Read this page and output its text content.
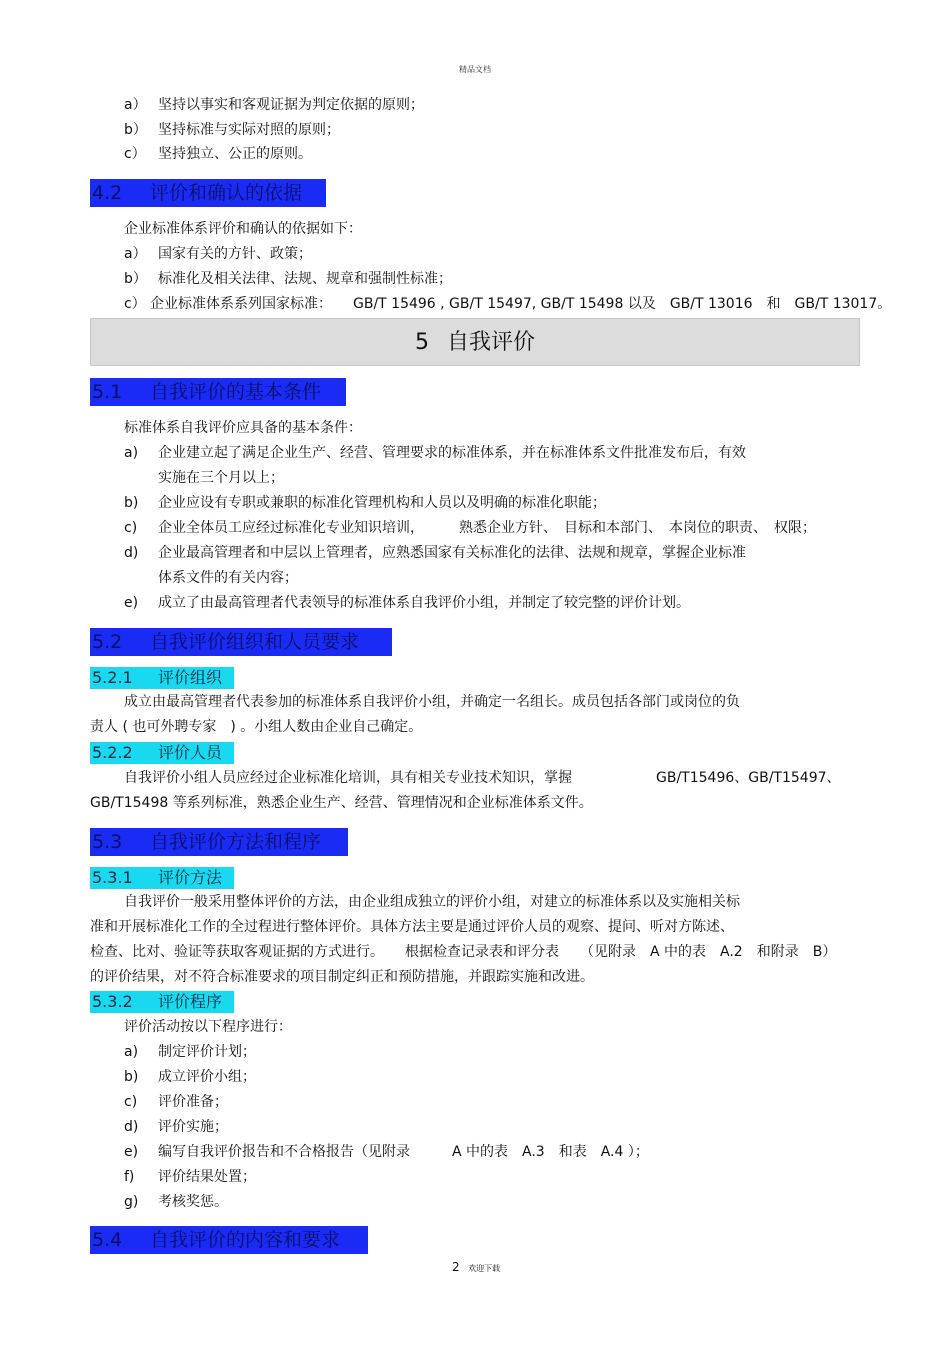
精品文档
a） 坚持以事实和客观证据为判定依据的原则；
b） 坚持标准与实际对照的原则；
c） 坚持独立、公正的原则。
4.2 评价和确认的依据
企业标准体系评价和确认的依据如下：
a） 国家有关的方针、政策；
b） 标准化及相关法律、法规、规章和强制性标准；
c） 企业标准体系系列国家标准：　　GB/T 15496 , GB/T 15497, GB/T 15498 以及　GB/T 13016　和　GB/T 13017。
5 自我评价
5.1 自我评价的基本条件
标准体系自我评价应具备的基本条件：
a) 企业建立起了满足企业生产、经营、管理要求的标准体系，并在标准体系文件批准发布后，有效
实施在三个月以上；
b) 企业应设有专职或兼职的标准化管理机构和人员以及明确的标准化职能；
c) 企业全体员工应经过标准化专业知识培训，　　　熟悉企业方针、　目标和本部门、　本岗位的职责、　权限；
d) 企业最高管理者和中层以上管理者，应熟悉国家有关标准化的法律、法规和规章，掌握企业标准
体系文件的有关内容；
e) 成立了由最高管理者代表领导的标准体系自我评价小组，并制定了较完整的评价计划。
5.2 自我评价组织和人员要求
5.2.1 评价组织
成立由最高管理者代表参加的标准体系自我评价小组，并确定一名组长。成员包括各部门或岗位的负
责人 ( 也可外聘专家　) 。小组人数由企业自己确定。
5.2.2 评价人员
自我评价小组人员应经过企业标准化培训，具有相关专业技术知识，掌握　　　　　　GB/T15496、GB/T15497、
GB/T15498 等系列标准，熟悉企业生产、经营、管理情况和企业标准体系文件。
5.3 自我评价方法和程序
5.3.1 评价方法
自我评价一般采用整体评价的方法，由企业组成独立的评价小组，对建立的标准体系以及实施相关标
准和开展标准化工作的全过程进行整体评价。具体方法主要是通过评价人员的观察、提问、听对方陈述、
检查、比对、验证等获取客观证据的方式进行。　　根据检查记录表和评分表　　（见附录　A 中的表　A.2　和附录　B）
的评价结果，对不符合标准要求的项目制定纠正和预防措施，并跟踪实施和改进。
5.3.2 评价程序
评价活动按以下程序进行：
a) 制定评价计划；
b) 成立评价小组；
c) 评价准备；
d) 评价实施；
e) 编写自我评价报告和不合格报告（见附录　　　A 中的表　A.3　和表　A.4 ）；
f) 评价结果处置；
g) 考核奖惩。
5.4 自我评价的内容和要求
2 欢迎下载
